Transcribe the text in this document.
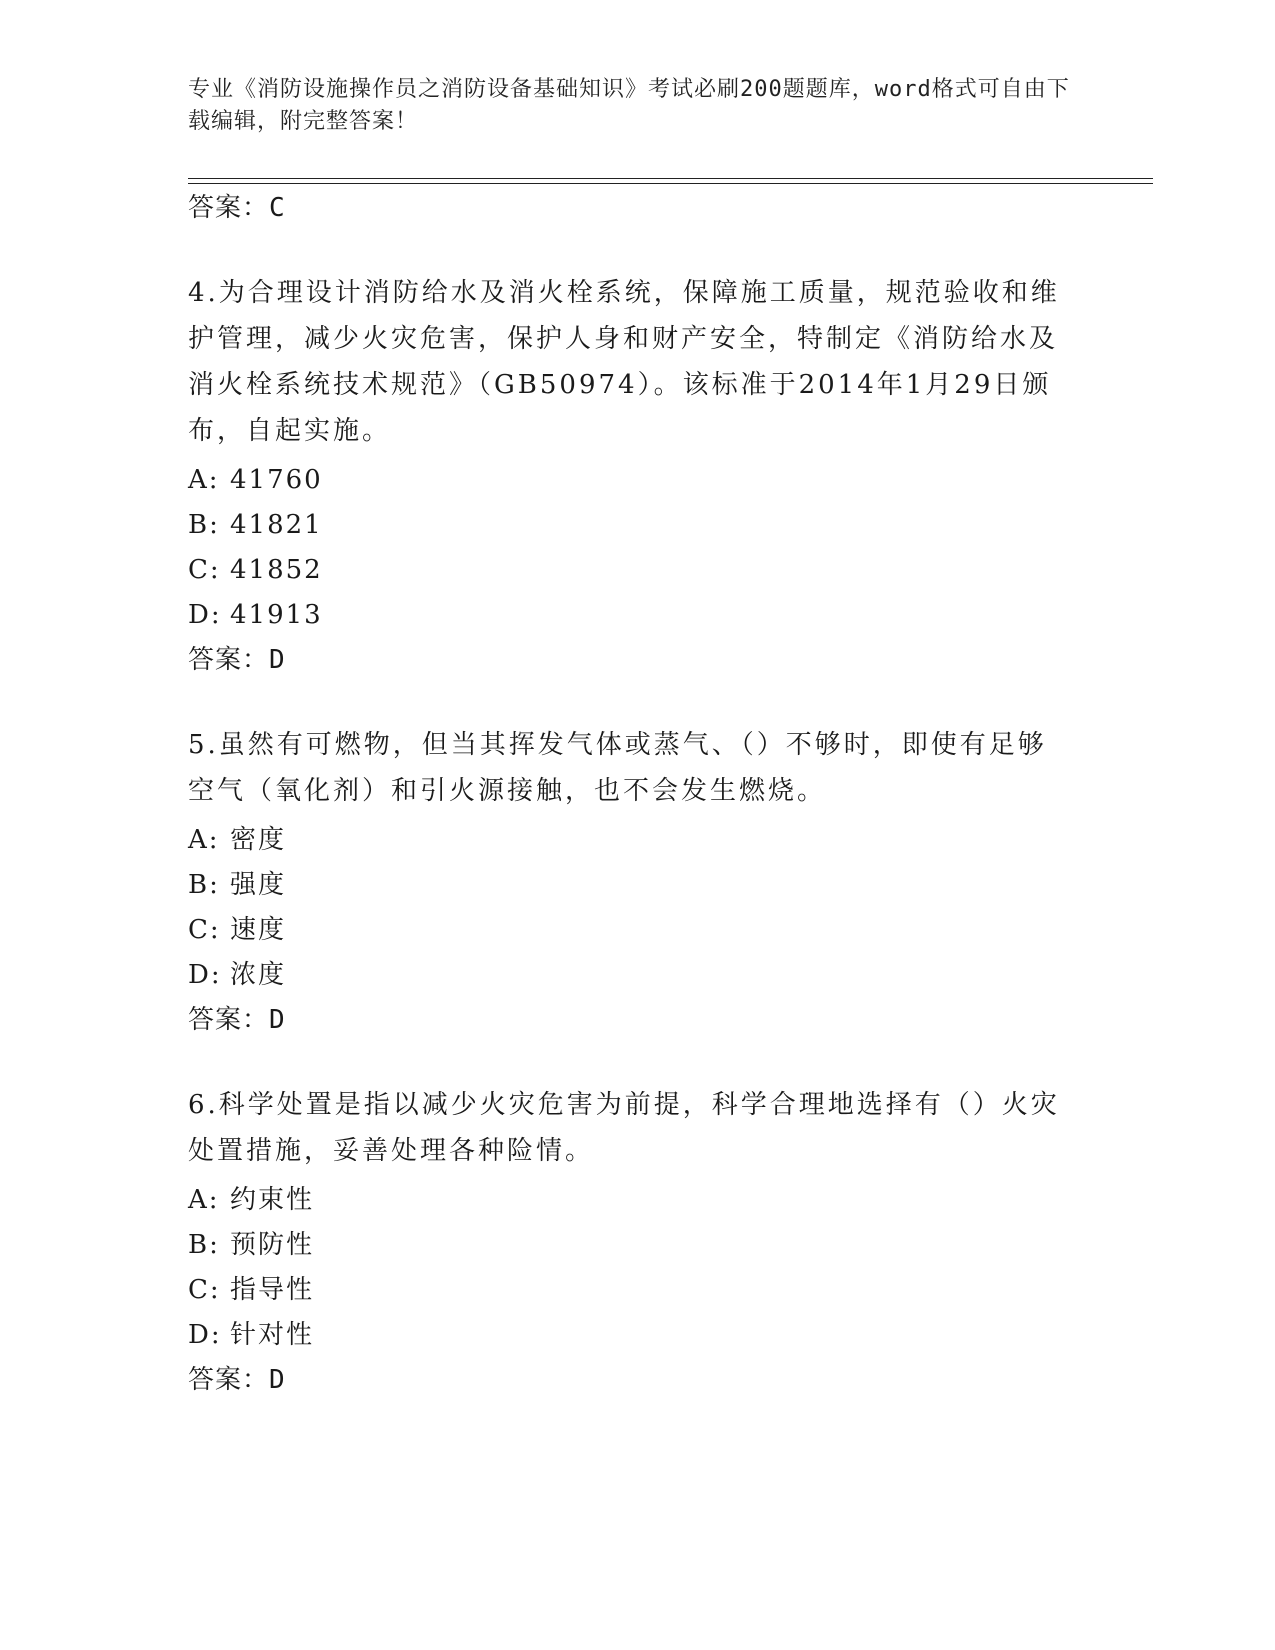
专业《消防设施操作员之消防设备基础知识》考试必刷200题题库，word格式可自由下载编辑，附完整答案！
答案：C
4.为合理设计消防给水及消火栓系统，保障施工质量，规范验收和维护管理，减少火灾危害，保护人身和财产安全，特制定《消防给水及消火栓系统技术规范》（GB50974）。该标准于2014年1月29日颁布，自起实施。
A: 41760
B: 41821
C: 41852
D: 41913
答案：D
5.虽然有可燃物，但当其挥发气体或蒸气、（）不够时，即使有足够空气（氧化剂）和引火源接触，也不会发生燃烧。
A: 密度
B: 强度
C: 速度
D: 浓度
答案：D
6.科学处置是指以减少火灾危害为前提，科学合理地选择有（）火灾处置措施，妥善处理各种险情。
A: 约束性
B: 预防性
C: 指导性
D: 针对性
答案：D
